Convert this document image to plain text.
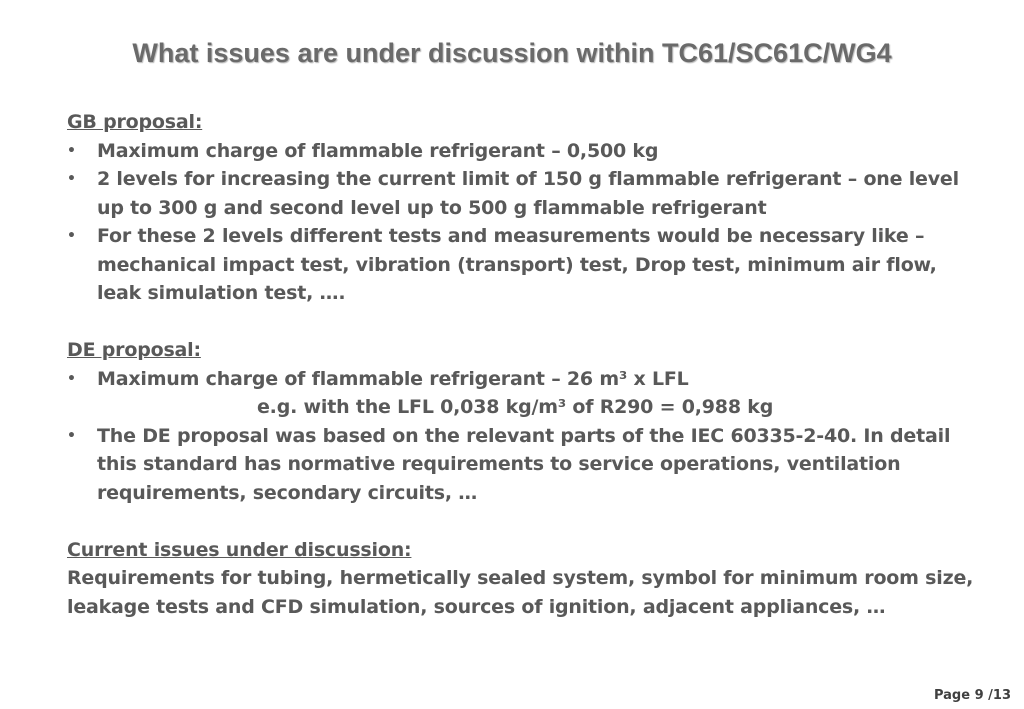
What issues are under discussion within TC61/SC61C/WG4
GB proposal:
• Maximum charge of flammable refrigerant – 0,500 kg
• 2 levels for increasing the current limit of 150 g flammable refrigerant – one level up to 300 g and second level up to 500 g flammable refrigerant
• For these 2 levels different tests and measurements would be necessary like – mechanical impact test, vibration (transport) test, Drop test, minimum air flow, leak simulation test, ….
DE proposal:
• Maximum charge of flammable refrigerant – 26 m³ x LFL
e.g. with the LFL 0,038 kg/m³ of R290 = 0,988 kg
• The DE proposal was based on the relevant parts of the IEC 60335-2-40. In detail this standard has normative requirements to service operations, ventilation requirements, secondary circuits, …
Current issues under discussion:
Requirements for tubing, hermetically sealed system, symbol for minimum room size, leakage tests and CFD simulation, sources of ignition, adjacent appliances, …
Page 9 /13
